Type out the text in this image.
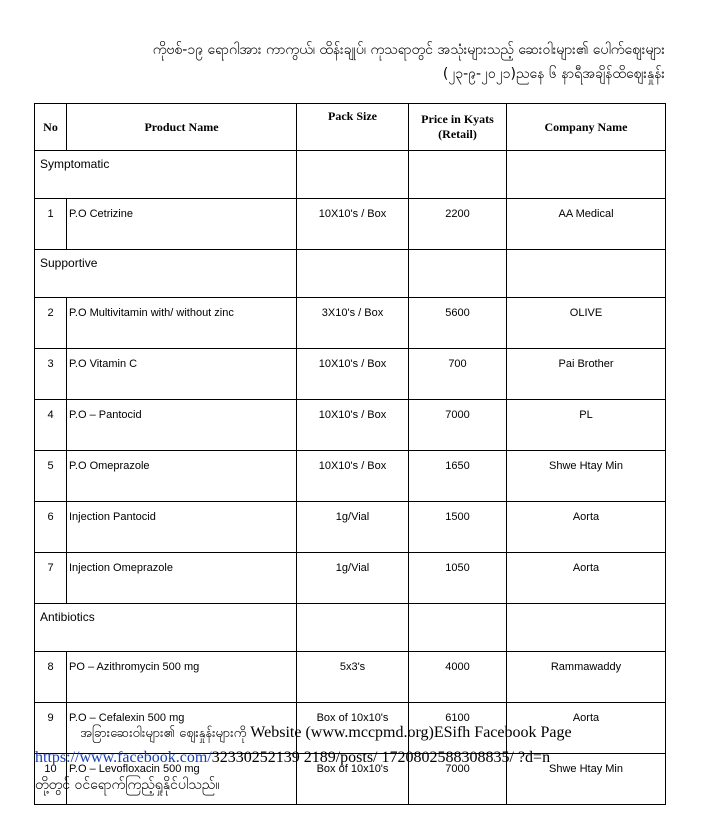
ကိုဗစ်-၁၉ ရောဂါအား ကာကွယ်၊ ထိန်းချုပ်၊ ကုသရာတွင် အသုံးများသည့် ဆေးဝါးများ၏ ပေါက်ဈေးများ
(၂၃-၉-၂၀၂၁)ညနေ ၆ နာရီအချိန်ထိဈေးနှုန်း
No	Product Name	Pack Size	Price in Kyats (Retail)	Company Name
Symptomatic				
1	P.O Cetrizine	10X10's / Box	2200	AA Medical
Supportive				
2	P.O Multivitamin with/ without zinc	3X10's / Box	5600	OLIVE
3	P.O Vitamin C	10X10's / Box	700	Pai Brother
4	P.O – Pantocid	10X10's / Box	7000	PL
5	P.O Omeprazole	10X10's / Box	1650	Shwe Htay Min
6	Injection Pantocid	1g/Vial	1500	Aorta
7	Injection Omeprazole	1g/Vial	1050	Aorta
Antibiotics				
8	PO – Azithromycin 500 mg	5x3's	4000	Rammawaddy
9	P.O – Cefalexin 500 mg	Box of 10x10's	6100	Aorta
10	P.O – Levofloxacin 500 mg	Box of 10x10's	7000	Shwe Htay Min
အခြားဆေးဝါးများ၏ ဈေးနှုန်းများကို Website (www.mccpmd.org)ESifh Facebook Page
https://www.facebook.com/32330252139 2189/posts/ 1720802588308835/ ?d=n
တို့တွင် ဝင်ရောက်ကြည့်ရှုနိုင်ပါသည်။
